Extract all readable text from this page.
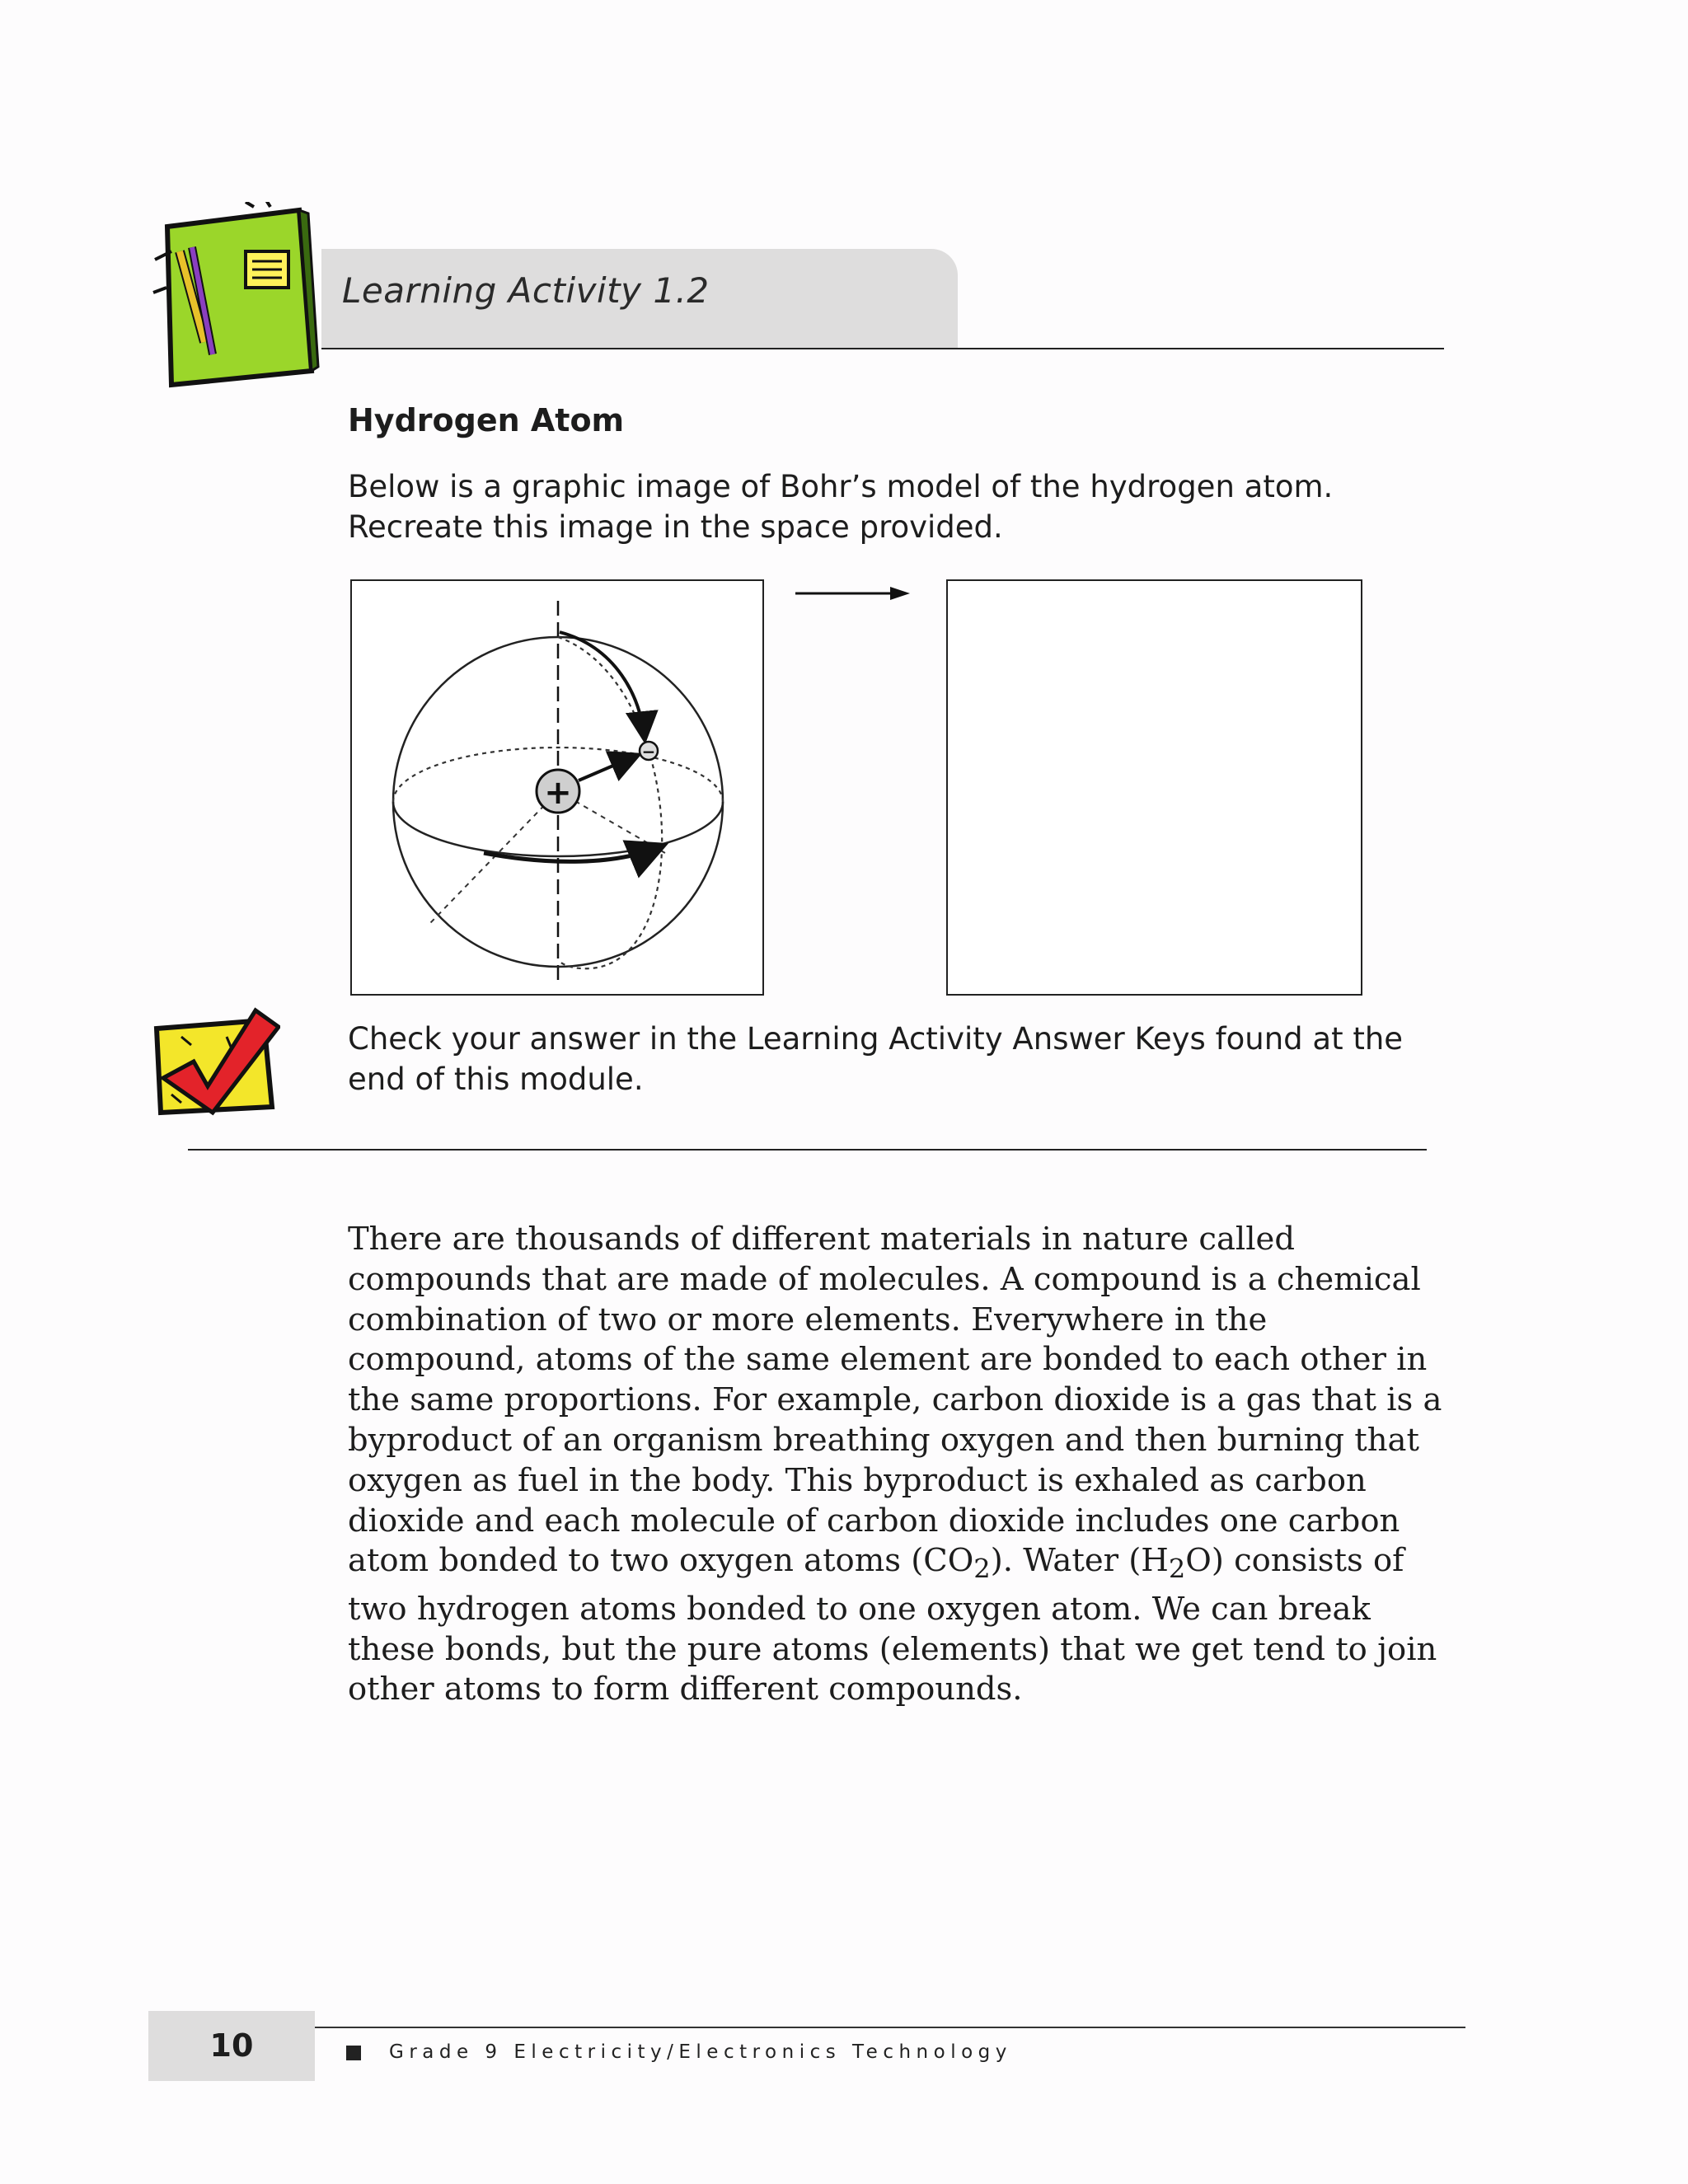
Learning Activity 1.2
Hydrogen Atom
Below is a graphic image of Bohr’s model of the hydrogen atom. Recreate this image in the space provided.
+
−
Check your answer in the Learning Activity Answer Keys found at the end of this module.
There are thousands of different materials in nature called compounds that are made of molecules. A compound is a chemical combination of two or more elements. Everywhere in the compound, atoms of the same element are bonded to each other in the same proportions. For example, carbon dioxide is a gas that is a byproduct of an organism breathing oxygen and then burning that oxygen as fuel in the body. This byproduct is exhaled as carbon dioxide and each molecule of carbon dioxide includes one carbon atom bonded to two oxygen atoms $(CO_2)$. Water $(H_2O)$ consists of two hydrogen atoms bonded to one oxygen atom. We can break these bonds, but the pure atoms (elements) that we get tend to join other atoms to form different compounds.
10	Grade 9 Electricity/Electronics Technology
